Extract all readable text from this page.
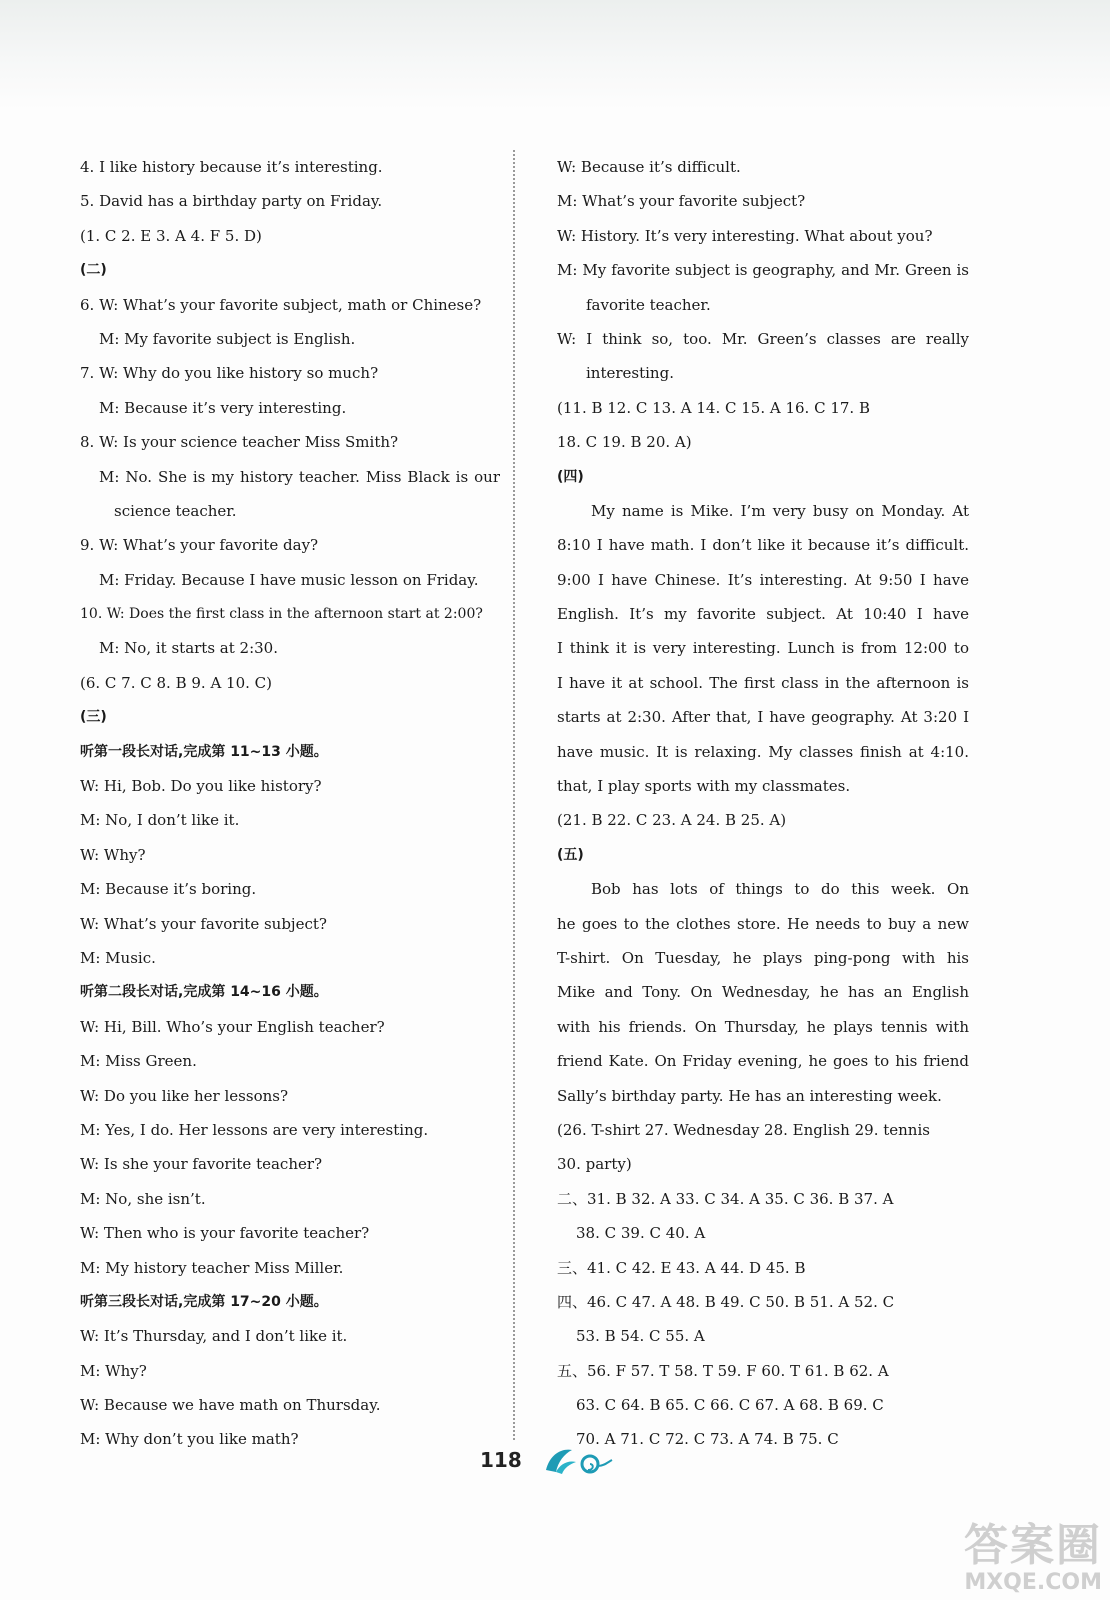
4. I like history because it’s interesting.
5. David has a birthday party on Friday.
(1. C 2. E 3. A 4. F 5. D)
(二)
6. W: What’s your favorite subject, math or Chinese?
M: My favorite subject is English.
7. W: Why do you like history so much?
M: Because it’s very interesting.
8. W: Is your science teacher Miss Smith?
M: No. She is my history teacher. Miss Black is our
science teacher.
9. W: What’s your favorite day?
M: Friday. Because I have music lesson on Friday.
10. W: Does the first class in the afternoon start at 2:00?
M: No, it starts at 2:30.
(6. C 7. C 8. B 9. A 10. C)
(三)
听第一段长对话,完成第 11~13 小题。
W: Hi, Bob. Do you like history?
M: No, I don’t like it.
W: Why?
M: Because it’s boring.
W: What’s your favorite subject?
M: Music.
听第二段长对话,完成第 14~16 小题。
W: Hi, Bill. Who’s your English teacher?
M: Miss Green.
W: Do you like her lessons?
M: Yes, I do. Her lessons are very interesting.
W: Is she your favorite teacher?
M: No, she isn’t.
W: Then who is your favorite teacher?
M: My history teacher Miss Miller.
听第三段长对话,完成第 17~20 小题。
W: It’s Thursday, and I don’t like it.
M: Why?
W: Because we have math on Thursday.
M: Why don’t you like math?
W: Because it’s difficult.
M: What’s your favorite subject?
W: History. It’s very interesting. What about you?
M: My favorite subject is geography, and Mr. Green is
favorite teacher.
W: I think so, too. Mr. Green’s classes are really
interesting.
(11. B 12. C 13. A 14. C 15. A 16. C 17. B
18. C 19. B 20. A)
(四)
My name is Mike. I’m very busy on Monday. At
8:10 I have math. I don’t like it because it’s difficult.
9:00 I have Chinese. It’s interesting. At 9:50 I have
English. It’s my favorite subject. At 10:40 I have
I think it is very interesting. Lunch is from 12:00 to
I have it at school. The first class in the afternoon is
starts at 2:30. After that, I have geography. At 3:20 I
have music. It is relaxing. My classes finish at 4:10.
that, I play sports with my classmates.
(21. B 22. C 23. A 24. B 25. A)
(五)
Bob has lots of things to do this week. On
he goes to the clothes store. He needs to buy a new
T-shirt. On Tuesday, he plays ping-pong with his
Mike and Tony. On Wednesday, he has an English
with his friends. On Thursday, he plays tennis with
friend Kate. On Friday evening, he goes to his friend
Sally’s birthday party. He has an interesting week.
(26. T-shirt 27. Wednesday 28. English 29. tennis
30. party)
二、31. B 32. A 33. C 34. A 35. C 36. B 37. A
38. C 39. C 40. A
三、41. C 42. E 43. A 44. D 45. B
四、46. C 47. A 48. B 49. C 50. B 51. A 52. C
53. B 54. C 55. A
五、56. F 57. T 58. T 59. F 60. T 61. B 62. A
63. C 64. B 65. C 66. C 67. A 68. B 69. C
70. A 71. C 72. C 73. A 74. B 75. C
118
答案圈
MXQE.COM
